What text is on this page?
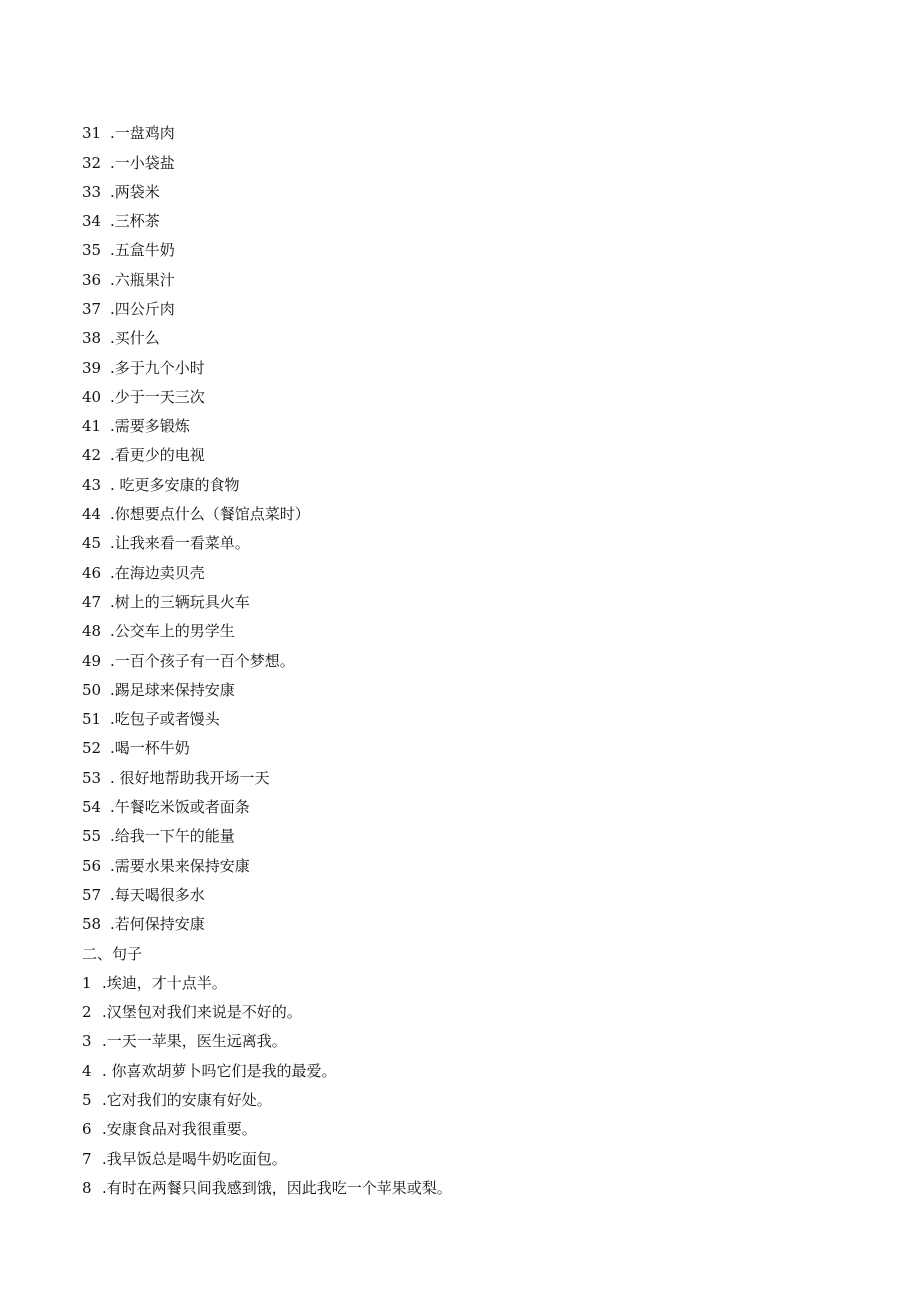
31 .一盘鸡肉
32 .一小袋盐
33 .两袋米
34 .三杯茶
35 .五盒牛奶
36 .六瓶果汁
37 .四公斤肉
38 .买什么
39 .多于九个小时
40 .少于一天三次
41 .需要多锻炼
42 .看更少的电视
43 . 吃更多安康的食物
44 .你想要点什么（餐馆点菜时）
45 .让我来看一看菜单。
46 .在海边卖贝壳
47 .树上的三辆玩具火车
48 .公交车上的男学生
49 .一百个孩子有一百个梦想。
50 .踢足球来保持安康
51 .吃包子或者馒头
52 .喝一杯牛奶
53 . 很好地帮助我开场一天
54 .午餐吃米饭或者面条
55 .给我一下午的能量
56 .需要水果来保持安康
57 .每天喝很多水
58 .若何保持安康
二、句子
1 .埃迪，才十点半。
2 .汉堡包对我们来说是不好的。
3 .一天一苹果，医生远离我。
4 . 你喜欢胡萝卜吗它们是我的最爱。
5 .它对我们的安康有好处。
6 .安康食品对我很重要。
7 .我早饭总是喝牛奶吃面包。
8 .有时在两餐只间我感到饿，因此我吃一个苹果或梨。
